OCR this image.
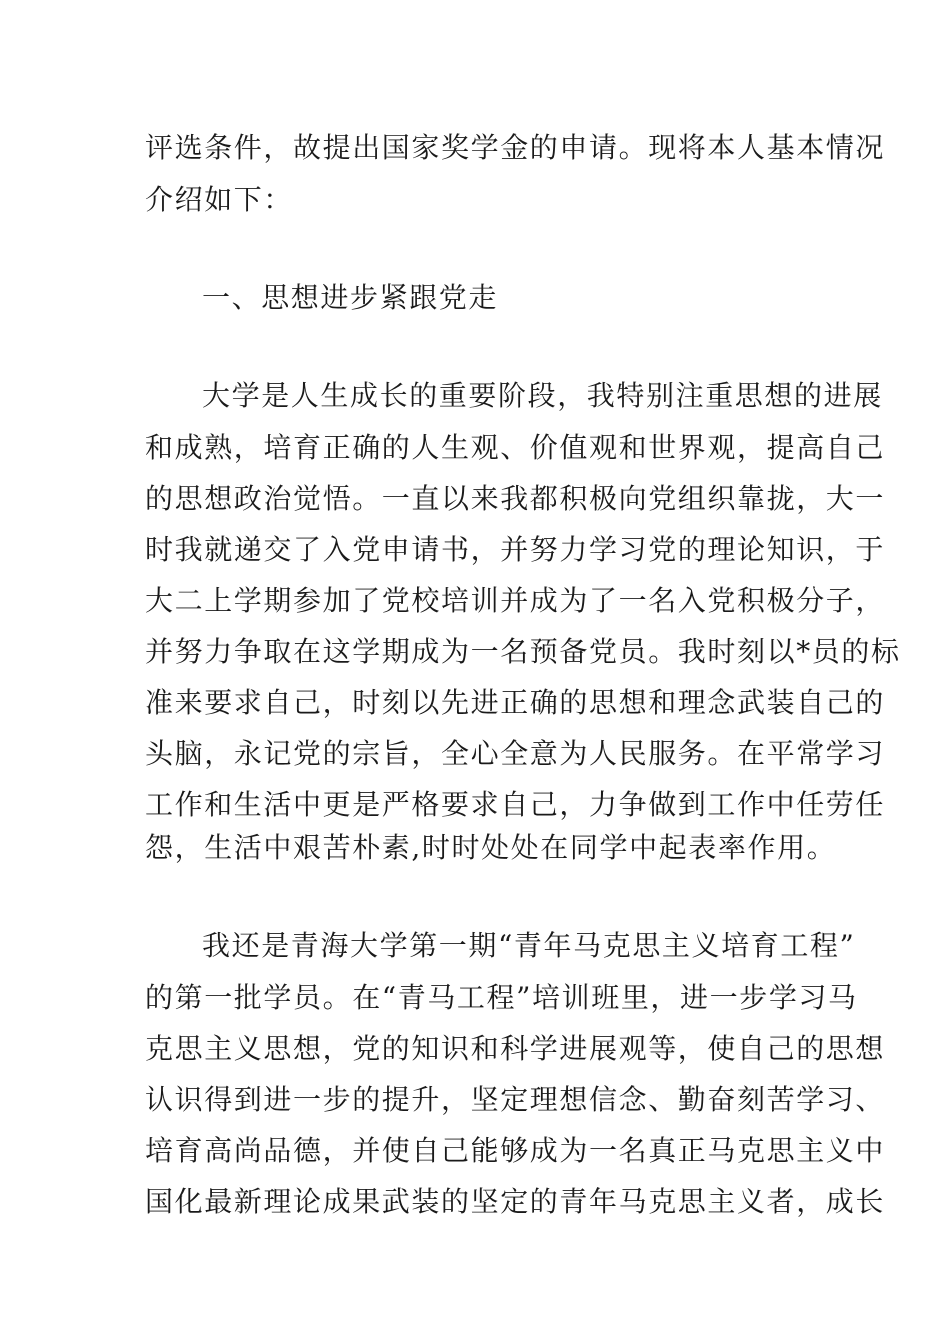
评选条件，故提出国家奖学金的申请。现将本人基本情况
介绍如下：
一、思想进步紧跟党走
大学是人生成长的重要阶段，我特别注重思想的进展
和成熟，培育正确的人生观、价值观和世界观，提高自己
的思想政治觉悟。一直以来我都积极向党组织靠拢，大一
时我就递交了入党申请书，并努力学习党的理论知识，于
大二上学期参加了党校培训并成为了一名入党积极分子，
并努力争取在这学期成为一名预备党员。我时刻以*员的标
准来要求自己，时刻以先进正确的思想和理念武装自己的
头脑，永记党的宗旨，全心全意为人民服务。在平常学习
工作和生活中更是严格要求自己，力争做到工作中任劳任
怨，生活中艰苦朴素,时时处处在同学中起表率作用。
我还是青海大学第一期“青年马克思主义培育工程”
的第一批学员。在“青马工程”培训班里，进一步学习马
克思主义思想，党的知识和科学进展观等，使自己的思想
认识得到进一步的提升，坚定理想信念、勤奋刻苦学习、
培育高尚品德，并使自己能够成为一名真正马克思主义中
国化最新理论成果武装的坚定的青年马克思主义者，成长
